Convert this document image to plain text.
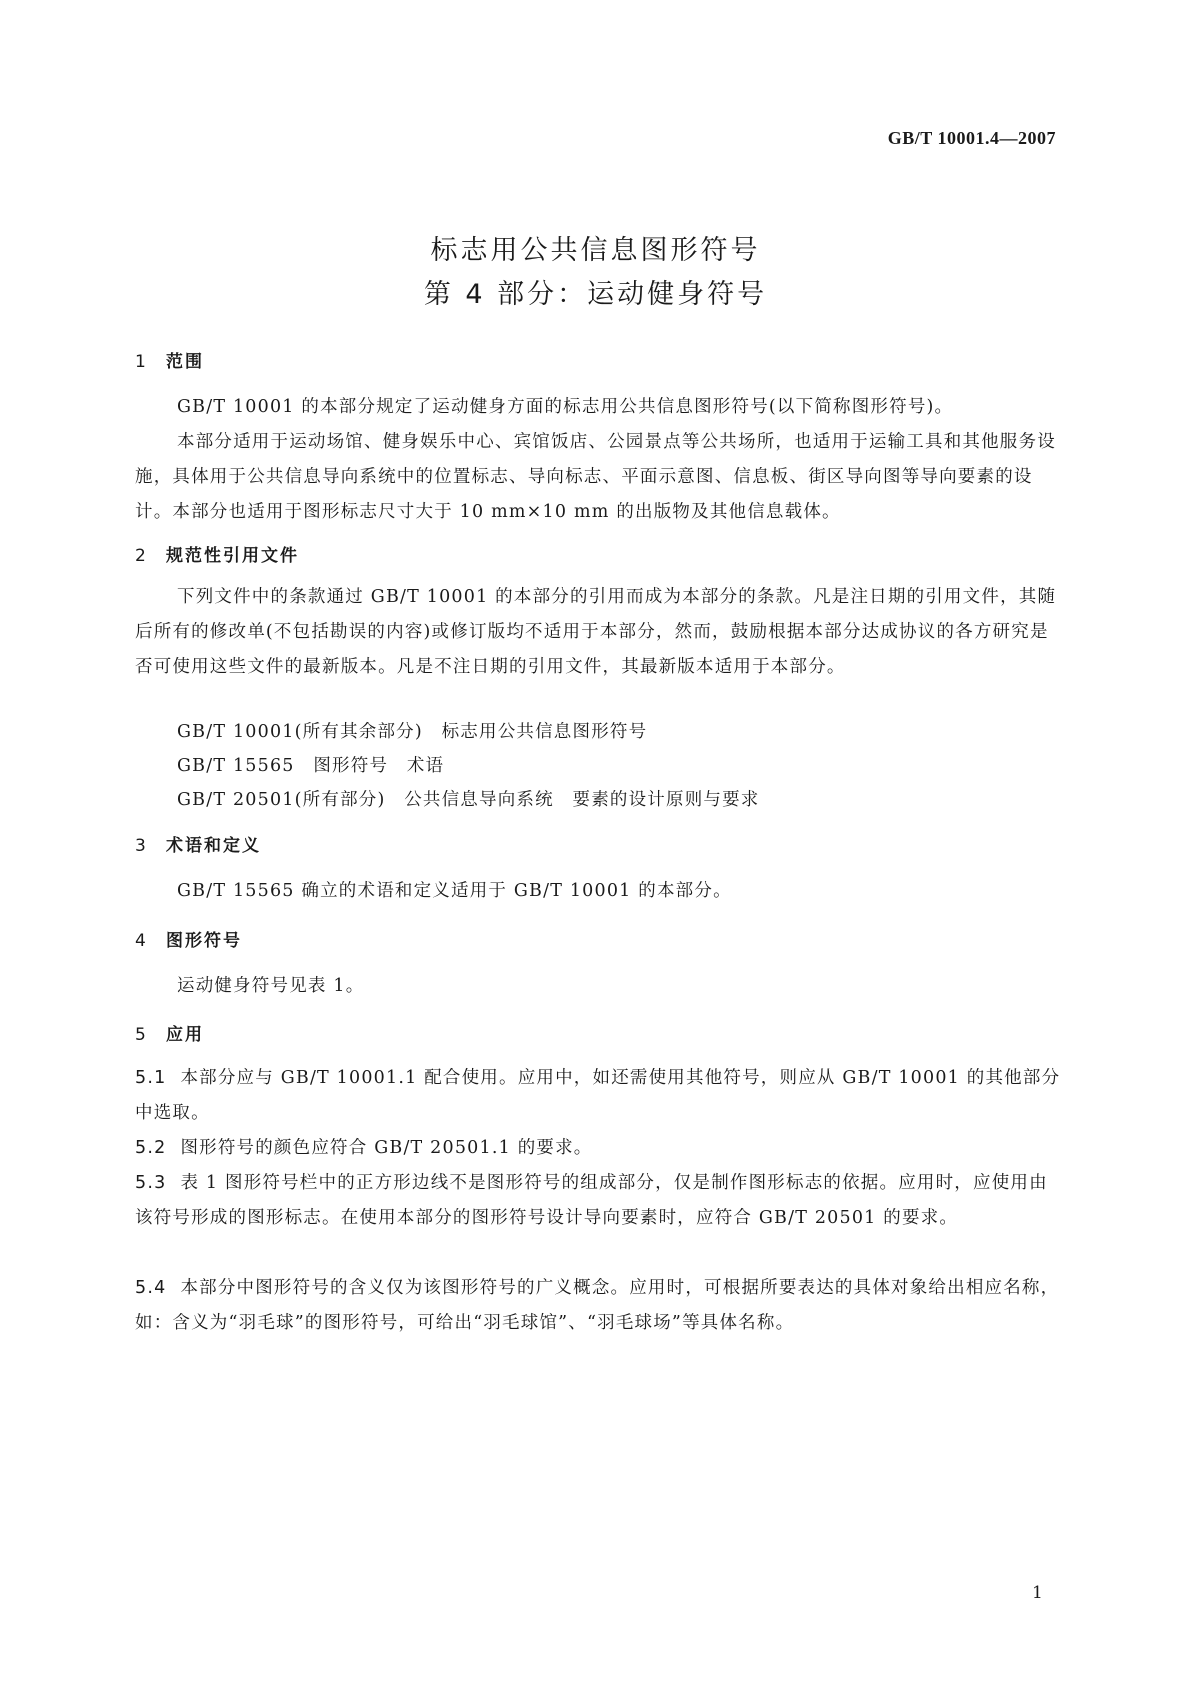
GB/T 10001.4—2007
标志用公共信息图形符号
第 4 部分：运动健身符号
1 范围
GB/T 10001 的本部分规定了运动健身方面的标志用公共信息图形符号(以下简称图形符号)。
本部分适用于运动场馆、健身娱乐中心、宾馆饭店、公园景点等公共场所，也适用于运输工具和其他服务设施，具体用于公共信息导向系统中的位置标志、导向标志、平面示意图、信息板、街区导向图等导向要素的设计。本部分也适用于图形标志尺寸大于 10 mm×10 mm 的出版物及其他信息载体。
2 规范性引用文件
下列文件中的条款通过 GB/T 10001 的本部分的引用而成为本部分的条款。凡是注日期的引用文件，其随后所有的修改单(不包括勘误的内容)或修订版均不适用于本部分，然而，鼓励根据本部分达成协议的各方研究是否可使用这些文件的最新版本。凡是不注日期的引用文件，其最新版本适用于本部分。
GB/T 10001(所有其余部分)　标志用公共信息图形符号
GB/T 15565　图形符号　术语
GB/T 20501(所有部分)　公共信息导向系统　要素的设计原则与要求
3 术语和定义
GB/T 15565 确立的术语和定义适用于 GB/T 10001 的本部分。
4 图形符号
运动健身符号见表 1。
5 应用
5.1 本部分应与 GB/T 10001.1 配合使用。应用中，如还需使用其他符号，则应从 GB/T 10001 的其他部分中选取。
5.2 图形符号的颜色应符合 GB/T 20501.1 的要求。
5.3 表 1 图形符号栏中的正方形边线不是图形符号的组成部分，仅是制作图形标志的依据。应用时，应使用由该符号形成的图形标志。在使用本部分的图形符号设计导向要素时，应符合 GB/T 20501 的要求。
5.4 本部分中图形符号的含义仅为该图形符号的广义概念。应用时，可根据所要表达的具体对象给出相应名称，如：含义为“羽毛球”的图形符号，可给出“羽毛球馆”、“羽毛球场”等具体名称。
1
